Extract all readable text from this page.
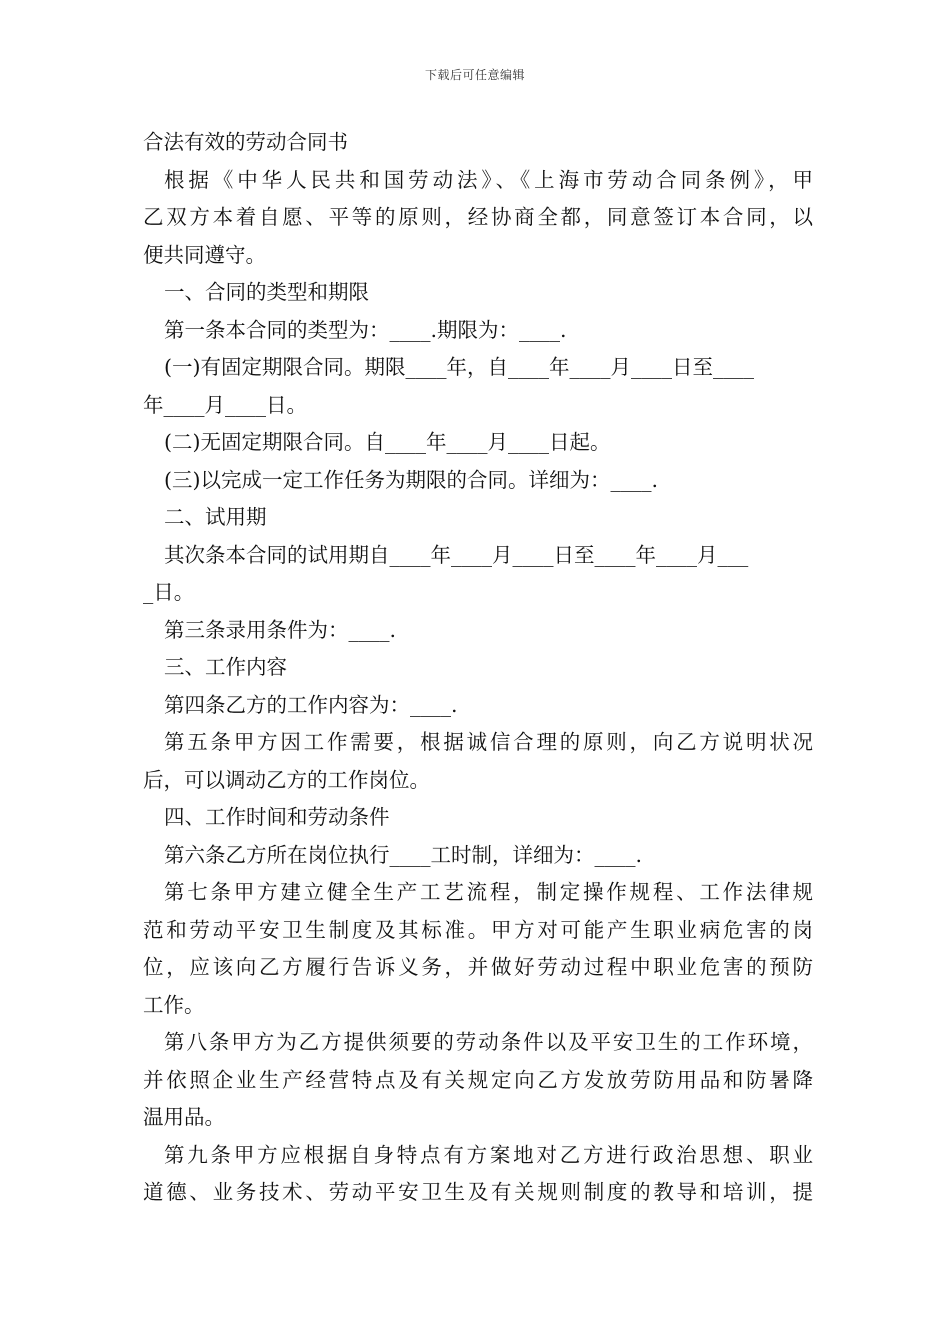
下载后可任意编辑
合法有效的劳动合同书
根据《中华人民共和国劳动法》、《上海市劳动合同条例》，甲
乙双方本着自愿、平等的原则，经协商全都，同意签订本合同，以
便共同遵守。
一、合同的类型和期限
第一条本合同的类型为：____.期限为：____.
(一)有固定期限合同。期限____年，自____年____月____日至____
年____月____日。
(二)无固定期限合同。自____年____月____日起。
(三)以完成一定工作任务为期限的合同。详细为：____.
二、试用期
其次条本合同的试用期自____年____月____日至____年____月___
_日。
第三条录用条件为：____.
三、工作内容
第四条乙方的工作内容为：____.
第五条甲方因工作需要，根据诚信合理的原则，向乙方说明状况
后，可以调动乙方的工作岗位。
四、工作时间和劳动条件
第六条乙方所在岗位执行____工时制，详细为：____.
第七条甲方建立健全生产工艺流程，制定操作规程、工作法律规
范和劳动平安卫生制度及其标准。甲方对可能产生职业病危害的岗
位，应该向乙方履行告诉义务，并做好劳动过程中职业危害的预防
工作。
第八条甲方为乙方提供须要的劳动条件以及平安卫生的工作环境，
并依照企业生产经营特点及有关规定向乙方发放劳防用品和防暑降
温用品。
第九条甲方应根据自身特点有方案地对乙方进行政治思想、职业
道德、业务技术、劳动平安卫生及有关规则制度的教导和培训，提
